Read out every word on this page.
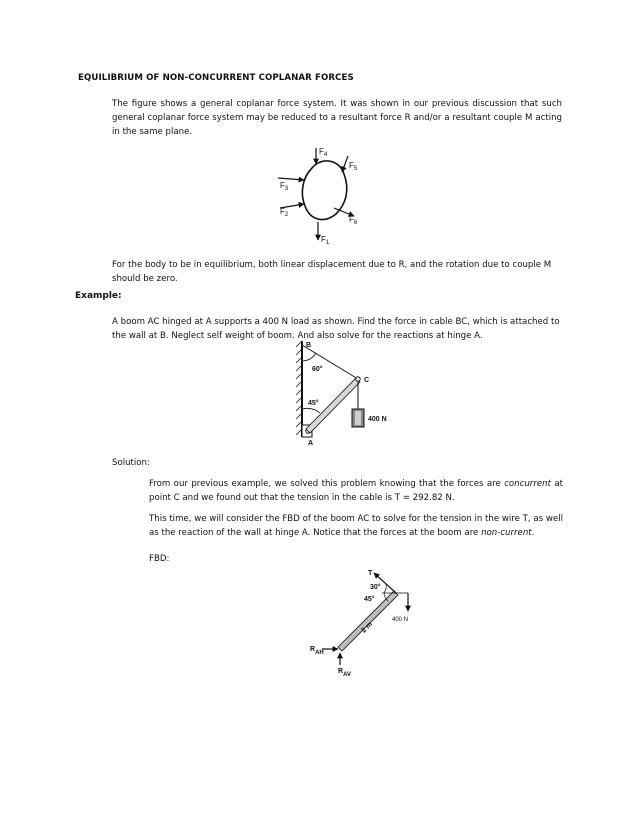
EQUILIBRIUM OF NON-CONCURRENT COPLANAR FORCES
The figure shows a general coplanar force system. It was shown in our previous discussion that such general coplanar force system may be reduced to a resultant force R and/or a resultant couple M acting in the same plane.
$F_4$
$F_5$
$F_3$
$F_2$	$F_6$
$F_1$
For the body to be in equilibrium, both linear displacement due to R, and the rotation due to couple M should be zero.
Example:
A boom AC hinged at A supports a 400 N load as shown. Find the force in cable BC, which is attached to the wall at B. Neglect self weight of boom. And also solve for the reactions at hinge A.
B
C
A
60°
45°
400 N
Solution:
From our previous example, we solved this problem knowing that the forces are concurrent at point C and we found out that the tension in the cable is T = 292.82 N.
This time, we will consider the FBD of the boom AC to solve for the tension in the wire T, as well as the reaction of the wall at hinge A. Notice that the forces at the boom are non-current.
FBD:
T
30°
45°
400 N
2 m
RAH
RAV
